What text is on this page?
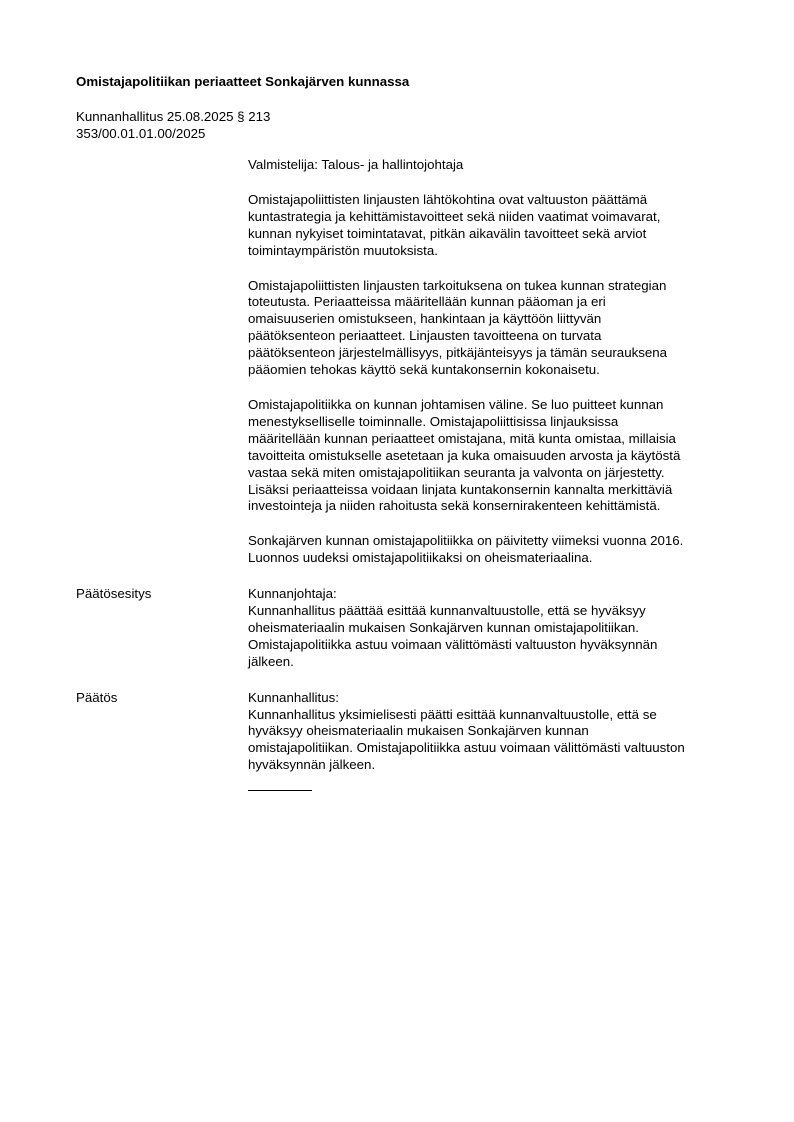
Omistajapolitiikan periaatteet Sonkajärven kunnassa
Kunnanhallitus 25.08.2025 § 213
353/00.01.01.00/2025
Valmistelija: Talous- ja hallintojohtaja
Omistajapoliittisten linjausten lähtökohtina ovat valtuuston päättämä
kuntastrategia ja kehittämistavoitteet sekä niiden vaatimat voimavarat,
kunnan nykyiset toimintatavat, pitkän aikavälin tavoitteet sekä arviot
toimintaympäristön muutoksista.
Omistajapoliittisten linjausten tarkoituksena on tukea kunnan strategian
toteutusta. Periaatteissa määritellään kunnan pääoman ja eri
omaisuuserien omistukseen, hankintaan ja käyttöön liittyvän
päätöksenteon periaatteet. Linjausten tavoitteena on turvata
päätöksenteon järjestelmällisyys, pitkäjänteisyys ja tämän seurauksena
pääomien tehokas käyttö sekä kuntakonsernin kokonaisetu.
Omistajapolitiikka on kunnan johtamisen väline. Se luo puitteet kunnan
menestykselliselle toiminnalle. Omistajapoliittisissa linjauksissa
määritellään kunnan periaatteet omistajana, mitä kunta omistaa, millaisia
tavoitteita omistukselle asetetaan ja kuka omaisuuden arvosta ja käytöstä
vastaa sekä miten omistajapolitiikan seuranta ja valvonta on järjestetty.
Lisäksi periaatteissa voidaan linjata kuntakonsernin kannalta merkittäviä
investointeja ja niiden rahoitusta sekä konsernirakenteen kehittämistä.
Sonkajärven kunnan omistajapolitiikka on päivitetty viimeksi vuonna 2016.
Luonnos uudeksi omistajapolitiikaksi on oheismateriaalina.
Päätösesitys	Kunnanjohtaja:
Kunnanhallitus päättää esittää kunnanvaltuustolle, että se hyväksyy
oheismateriaalin mukaisen Sonkajärven kunnan omistajapolitiikan.
Omistajapolitiikka astuu voimaan välittömästi valtuuston hyväksynnän
jälkeen.
Päätös	Kunnanhallitus:
Kunnanhallitus yksimielisesti päätti esittää kunnanvaltuustolle, että se
hyväksyy oheismateriaalin mukaisen Sonkajärven kunnan
omistajapolitiikan. Omistajapolitiikka astuu voimaan välittömästi valtuuston
hyväksynnän jälkeen.
